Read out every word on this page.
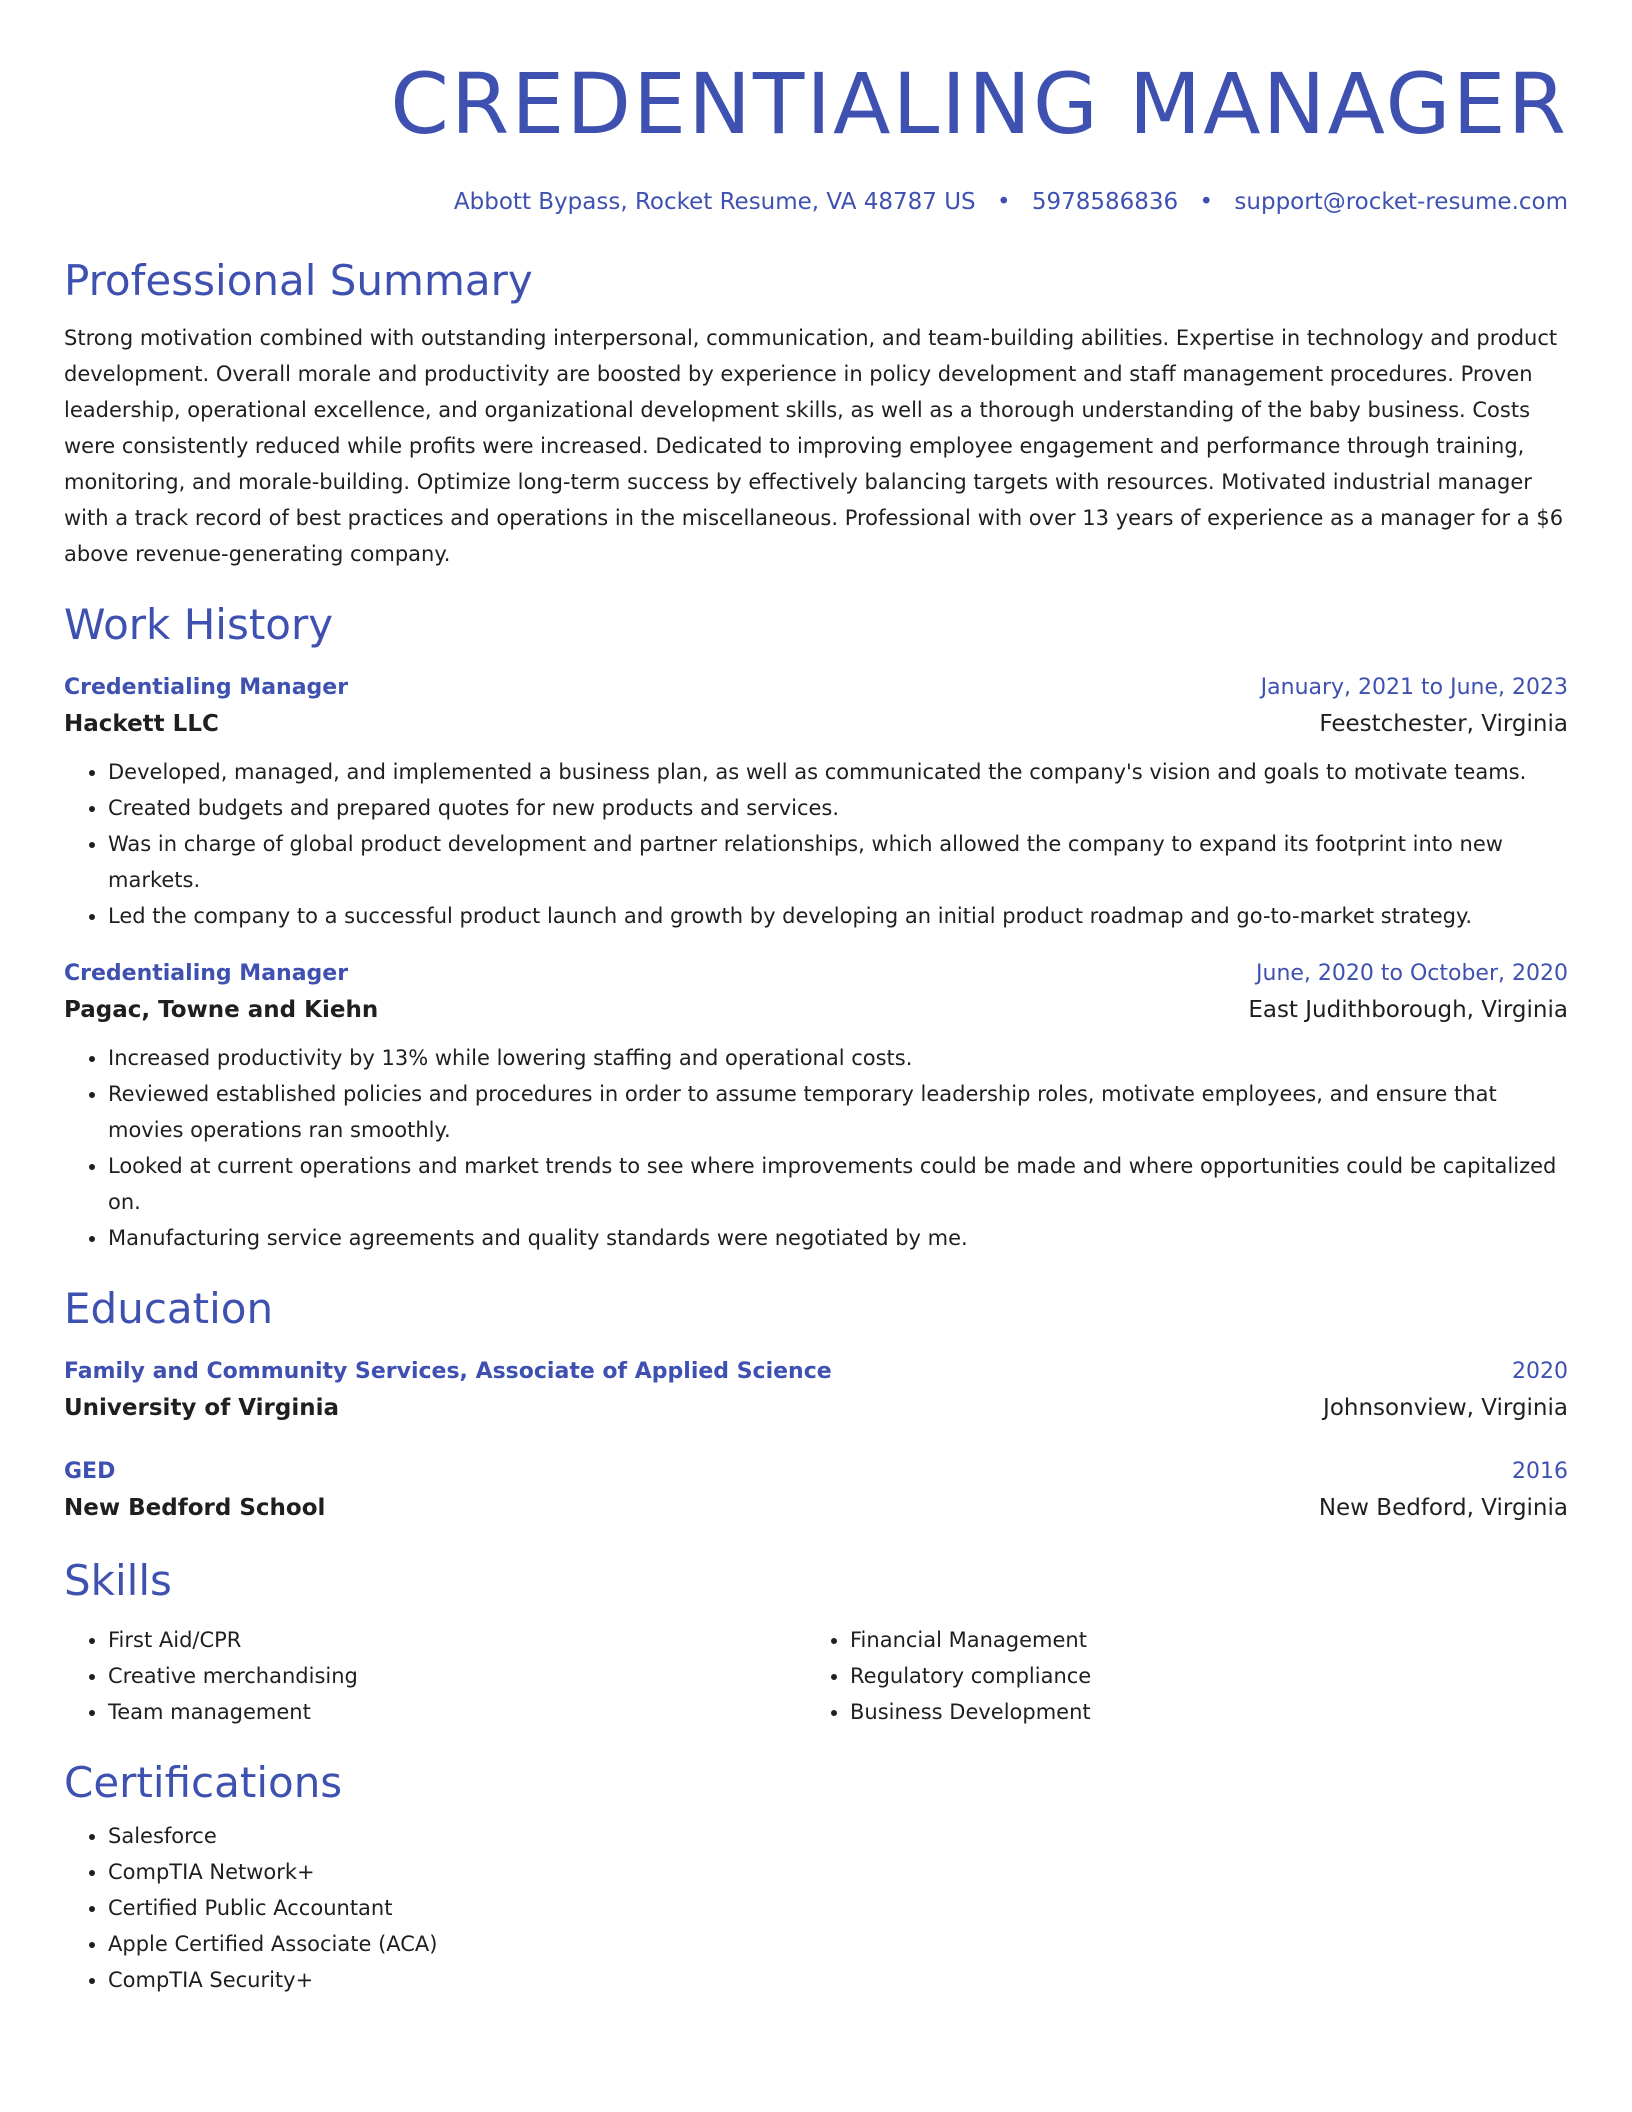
CREDENTIALING MANAGER
Abbott Bypass, Rocket Resume, VA 48787 US • 5978586836 • support@rocket-resume.com
Professional Summary

Strong motivation combined with outstanding interpersonal, communication, and team-building abilities. Expertise in technology and product development. Overall morale and productivity are boosted by experience in policy development and staff management procedures. Proven leadership, operational excellence, and organizational development skills, as well as a thorough understanding of the baby business. Costs were consistently reduced while profits were increased. Dedicated to improving employee engagement and performance through training, monitoring, and morale-building. Optimize long-term success by effectively balancing targets with resources. Motivated industrial manager with a track record of best practices and operations in the miscellaneous. Professional with over 13 years of experience as a manager for a $6 above revenue-generating company.

Work History
Credentialing Manager	January, 2021 to June, 2023
Hackett LLC	Feestchester, Virginia
• Developed, managed, and implemented a business plan, as well as communicated the company's vision and goals to motivate teams.
• Created budgets and prepared quotes for new products and services.
• Was in charge of global product development and partner relationships, which allowed the company to expand its footprint into new markets.
• Led the company to a successful product launch and growth by developing an initial product roadmap and go-to-market strategy.
Credentialing Manager	June, 2020 to October, 2020
Pagac, Towne and Kiehn	East Judithborough, Virginia
• Increased productivity by 13% while lowering staffing and operational costs.
• Reviewed established policies and procedures in order to assume temporary leadership roles, motivate employees, and ensure that movies operations ran smoothly.
• Looked at current operations and market trends to see where improvements could be made and where opportunities could be capitalized on.
• Manufacturing service agreements and quality standards were negotiated by me.
Education
Family and Community Services, Associate of Applied Science	2020
University of Virginia	Johnsonview, Virginia
GED	2016
New Bedford School	New Bedford, Virginia
Skills
• First Aid/CPR
• Creative merchandising
• Team management
• Financial Management
• Regulatory compliance
• Business Development
Certifications
• Salesforce
• CompTIA Network+
• Certified Public Accountant
• Apple Certified Associate (ACA)
• CompTIA Security+
